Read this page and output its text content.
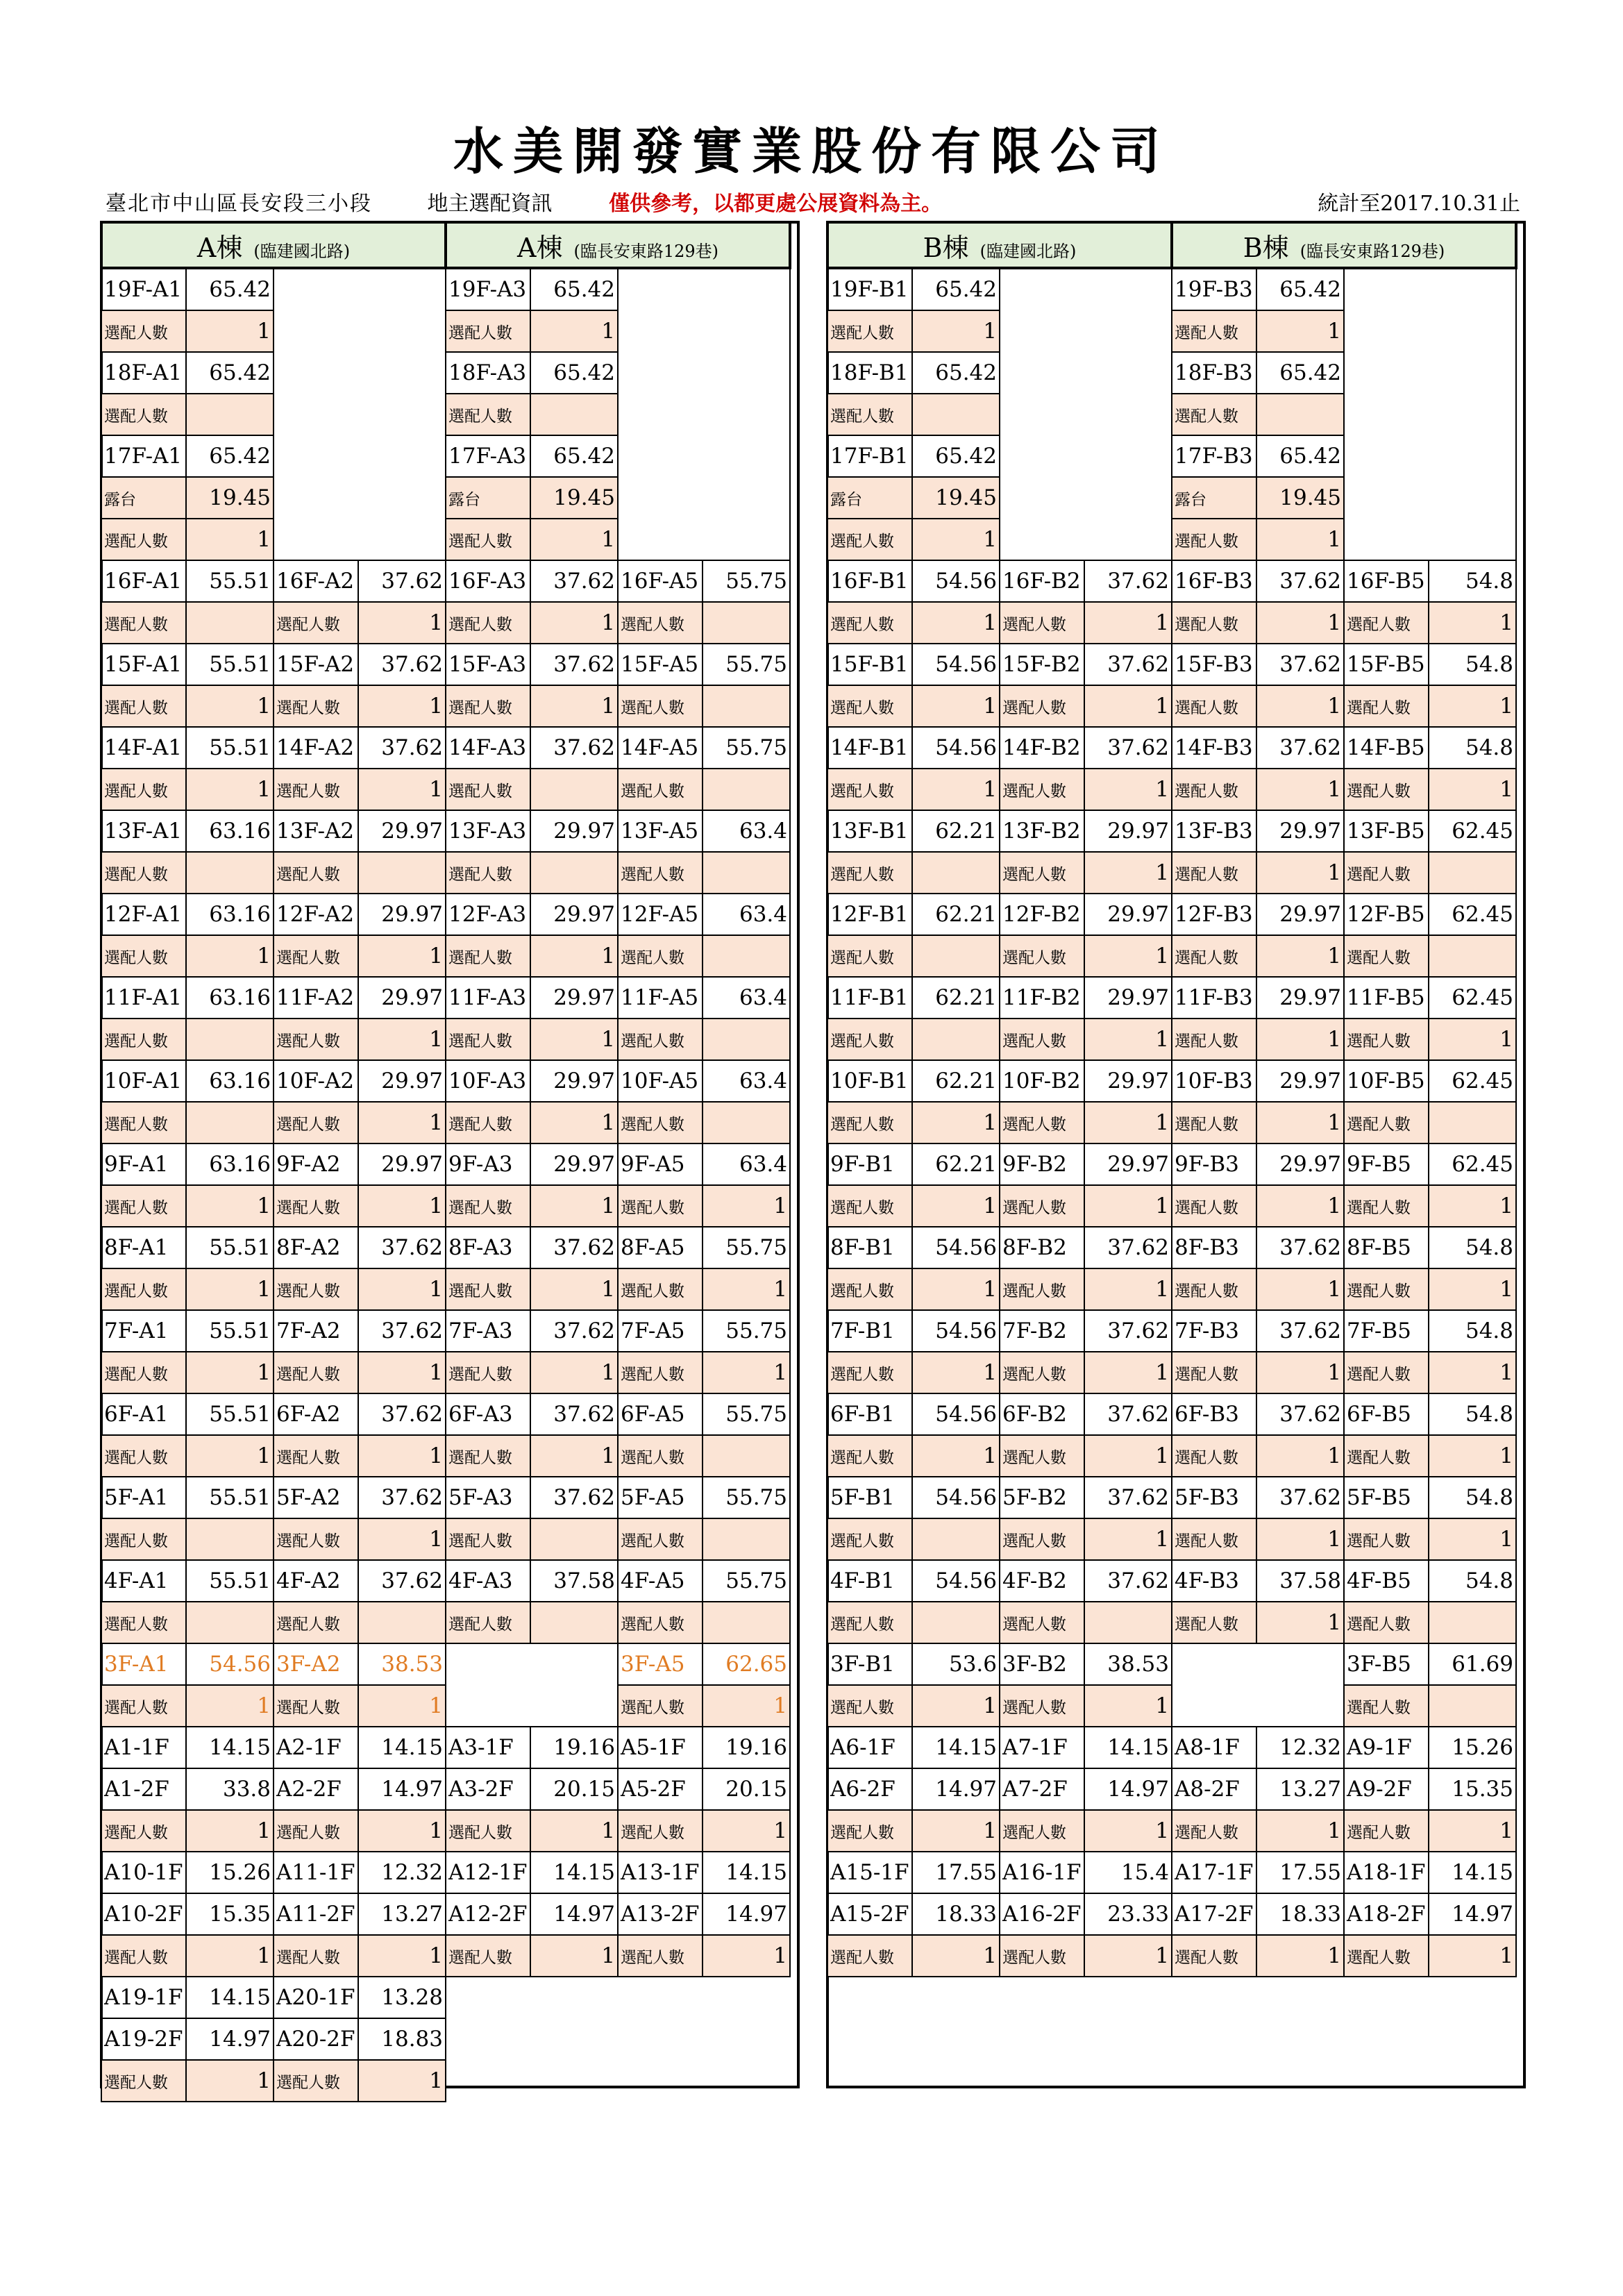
水美開發實業股份有限公司
臺北市中山區長安段三小段	地主選配資訊	僅供參考，以都更處公展資料為主。	統計至2017.10.31止
A棟 (臨建國北路)				A棟 (臨長安東路129巷)			
19F-A1	65.42			19F-A3	65.42		
選配人數	1			選配人數	1		
18F-A1	65.42			18F-A3	65.42		
選配人數				選配人數			
17F-A1	65.42			17F-A3	65.42		
露台	19.45			露台	19.45		
選配人數	1			選配人數	1		
16F-A1	55.51	16F-A2	37.62	16F-A3	37.62	16F-A5	55.75
選配人數		選配人數	1	選配人數	1	選配人數	
15F-A1	55.51	15F-A2	37.62	15F-A3	37.62	15F-A5	55.75
選配人數	1	選配人數	1	選配人數	1	選配人數	
14F-A1	55.51	14F-A2	37.62	14F-A3	37.62	14F-A5	55.75
選配人數	1	選配人數	1	選配人數		選配人數	
13F-A1	63.16	13F-A2	29.97	13F-A3	29.97	13F-A5	63.4
選配人數		選配人數		選配人數		選配人數	
12F-A1	63.16	12F-A2	29.97	12F-A3	29.97	12F-A5	63.4
選配人數	1	選配人數	1	選配人數	1	選配人數	
11F-A1	63.16	11F-A2	29.97	11F-A3	29.97	11F-A5	63.4
選配人數		選配人數	1	選配人數	1	選配人數	
10F-A1	63.16	10F-A2	29.97	10F-A3	29.97	10F-A5	63.4
選配人數		選配人數	1	選配人數	1	選配人數	
9F-A1	63.16	9F-A2	29.97	9F-A3	29.97	9F-A5	63.4
選配人數	1	選配人數	1	選配人數	1	選配人數	1
8F-A1	55.51	8F-A2	37.62	8F-A3	37.62	8F-A5	55.75
選配人數	1	選配人數	1	選配人數	1	選配人數	1
7F-A1	55.51	7F-A2	37.62	7F-A3	37.62	7F-A5	55.75
選配人數	1	選配人數	1	選配人數	1	選配人數	1
6F-A1	55.51	6F-A2	37.62	6F-A3	37.62	6F-A5	55.75
選配人數	1	選配人數	1	選配人數	1	選配人數	
5F-A1	55.51	5F-A2	37.62	5F-A3	37.62	5F-A5	55.75
選配人數		選配人數	1	選配人數		選配人數	
4F-A1	55.51	4F-A2	37.62	4F-A3	37.58	4F-A5	55.75
選配人數		選配人數		選配人數		選配人數	
3F-A1	54.56	3F-A2	38.53			3F-A5	62.65
選配人數	1	選配人數	1			選配人數	1
A1-1F	14.15	A2-1F	14.15	A3-1F	19.16	A5-1F	19.16
A1-2F	33.8	A2-2F	14.97	A3-2F	20.15	A5-2F	20.15
選配人數	1	選配人數	1	選配人數	1	選配人數	1
A10-1F	15.26	A11-1F	12.32	A12-1F	14.15	A13-1F	14.15
A10-2F	15.35	A11-2F	13.27	A12-2F	14.97	A13-2F	14.97
選配人數	1	選配人數	1	選配人數	1	選配人數	1
A19-1F	14.15	A20-1F	13.28				
A19-2F	14.97	A20-2F	18.83				
選配人數	1	選配人數	1				
B棟 (臨建國北路)				B棟 (臨長安東路129巷)			
19F-B1	65.42			19F-B3	65.42		
選配人數	1			選配人數	1		
18F-B1	65.42			18F-B3	65.42		
選配人數				選配人數			
17F-B1	65.42			17F-B3	65.42		
露台	19.45			露台	19.45		
選配人數	1			選配人數	1		
16F-B1	54.56	16F-B2	37.62	16F-B3	37.62	16F-B5	54.8
選配人數	1	選配人數	1	選配人數	1	選配人數	1
15F-B1	54.56	15F-B2	37.62	15F-B3	37.62	15F-B5	54.8
選配人數	1	選配人數	1	選配人數	1	選配人數	1
14F-B1	54.56	14F-B2	37.62	14F-B3	37.62	14F-B5	54.8
選配人數	1	選配人數	1	選配人數	1	選配人數	1
13F-B1	62.21	13F-B2	29.97	13F-B3	29.97	13F-B5	62.45
選配人數		選配人數	1	選配人數	1	選配人數	
12F-B1	62.21	12F-B2	29.97	12F-B3	29.97	12F-B5	62.45
選配人數		選配人數	1	選配人數	1	選配人數	
11F-B1	62.21	11F-B2	29.97	11F-B3	29.97	11F-B5	62.45
選配人數		選配人數	1	選配人數	1	選配人數	1
10F-B1	62.21	10F-B2	29.97	10F-B3	29.97	10F-B5	62.45
選配人數	1	選配人數	1	選配人數	1	選配人數	
9F-B1	62.21	9F-B2	29.97	9F-B3	29.97	9F-B5	62.45
選配人數	1	選配人數	1	選配人數	1	選配人數	1
8F-B1	54.56	8F-B2	37.62	8F-B3	37.62	8F-B5	54.8
選配人數	1	選配人數	1	選配人數	1	選配人數	1
7F-B1	54.56	7F-B2	37.62	7F-B3	37.62	7F-B5	54.8
選配人數	1	選配人數	1	選配人數	1	選配人數	1
6F-B1	54.56	6F-B2	37.62	6F-B3	37.62	6F-B5	54.8
選配人數	1	選配人數	1	選配人數	1	選配人數	1
5F-B1	54.56	5F-B2	37.62	5F-B3	37.62	5F-B5	54.8
選配人數		選配人數	1	選配人數	1	選配人數	1
4F-B1	54.56	4F-B2	37.62	4F-B3	37.58	4F-B5	54.8
選配人數		選配人數		選配人數	1	選配人數	
3F-B1	53.6	3F-B2	38.53			3F-B5	61.69
選配人數	1	選配人數	1			選配人數	
A6-1F	14.15	A7-1F	14.15	A8-1F	12.32	A9-1F	15.26
A6-2F	14.97	A7-2F	14.97	A8-2F	13.27	A9-2F	15.35
選配人數	1	選配人數	1	選配人數	1	選配人數	1
A15-1F	17.55	A16-1F	15.4	A17-1F	17.55	A18-1F	14.15
A15-2F	18.33	A16-2F	23.33	A17-2F	18.33	A18-2F	14.97
選配人數	1	選配人數	1	選配人數	1	選配人數	1
